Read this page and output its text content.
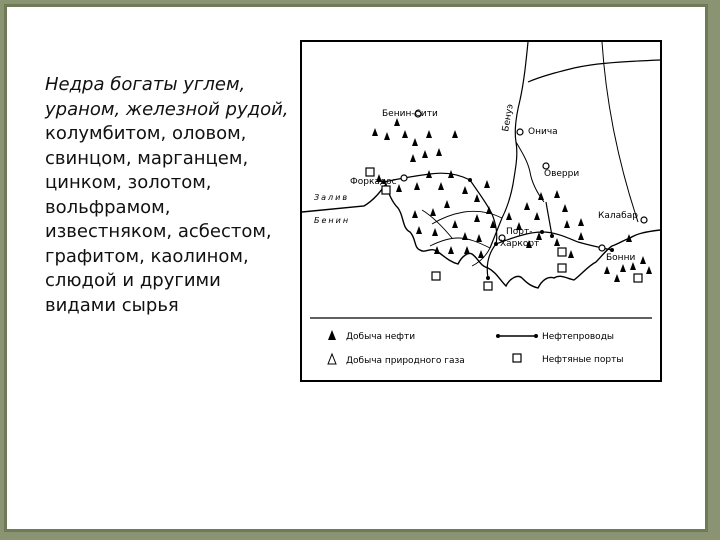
Недра богаты углем, ураном, железной рудой, колумбитом, оловом, свинцом, марганцем, цинком, золотом, вольфрамом, известняком, асбестом, графитом, каолином, слюдой и другими видами сырья
Бенуэ
Залив
Бенин
Бенин-Сити
Онича
Форкадос
Оверри
Калабар
Порт-
Харкорт
Бонни
Добыча нефти
Добыча природного газа
Нефтепроводы
Нефтяные порты
